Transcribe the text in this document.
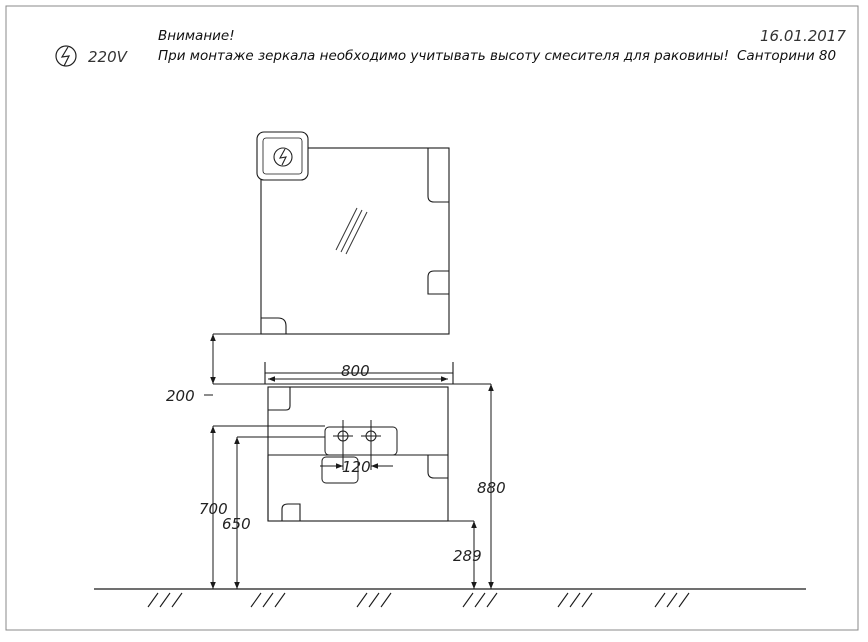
220V
Внимание!
При монтаже зеркала необходимо учитывать высоту смесителя для раковины!
16.01.2017
Санторини 80
800
200
880
700
650
289
120
